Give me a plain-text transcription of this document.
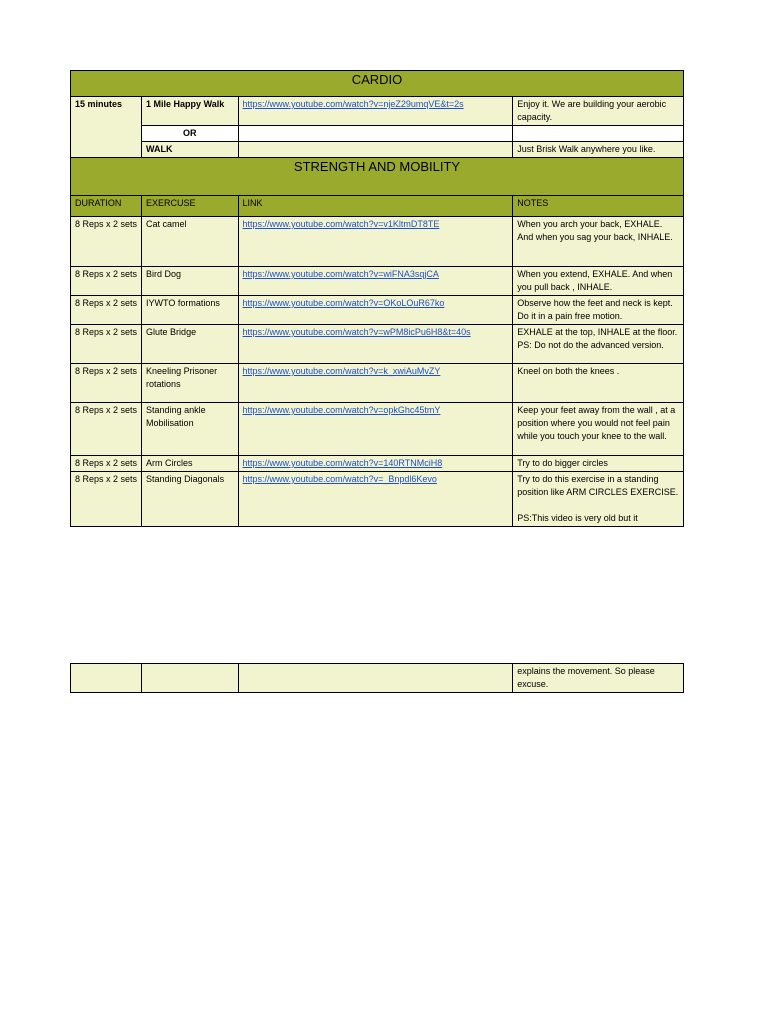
CARDIO			
15 minutes	1 Mile Happy Walk	https://www.youtube.com/watch?v=njeZ29umqVE&t=2s	Enjoy it. We are building your aerobic capacity.
	OR		
	WALK		Just Brisk Walk anywhere you like.
STRENGTH AND MOBILITY			
DURATION	EXERCUSE	LINK	NOTES
8 Reps x 2 sets	Cat camel	https://www.youtube.com/watch?v=v1KltmDT8TE	When you arch your back, EXHALE. And when you sag your back, INHALE.
8 Reps x 2 sets	Bird Dog	https://www.youtube.com/watch?v=wiFNA3sqjCA	When you extend, EXHALE. And when you pull back , INHALE.
8 Reps x 2 sets	IYWTO formations	https://www.youtube.com/watch?v=OKoLOuR67ko	Observe how the feet and neck is kept. Do it in a pain free motion.
8 Reps x 2 sets	Glute Bridge	https://www.youtube.com/watch?v=wPM8icPu6H8&t=40s	EXHALE at the top, INHALE at the floor.
PS: Do not do the advanced version.

8 Reps x 2 sets	Kneeling Prisoner rotations	https://www.youtube.com/watch?v=k_xwiAuMvZY	Kneel on both the knees .
8 Reps x 2 sets	Standing ankle Mobilisation	https://www.youtube.com/watch?v=opkGhc45tmY	Keep your feet away from the wall , at a position where you would not feel pain while you touch your knee to the wall.
8 Reps x 2 sets	Arm Circles	https://www.youtube.com/watch?v=140RTNMciH8	Try to do bigger circles
8 Reps x 2 sets	Standing Diagonals	https://www.youtube.com/watch?v=_Bnpdl6Kevo	Try to do this exercise in a standing position like ARM CIRCLES EXERCISE.
PS:This video is very old but it
			explains the movement. So please excuse.
